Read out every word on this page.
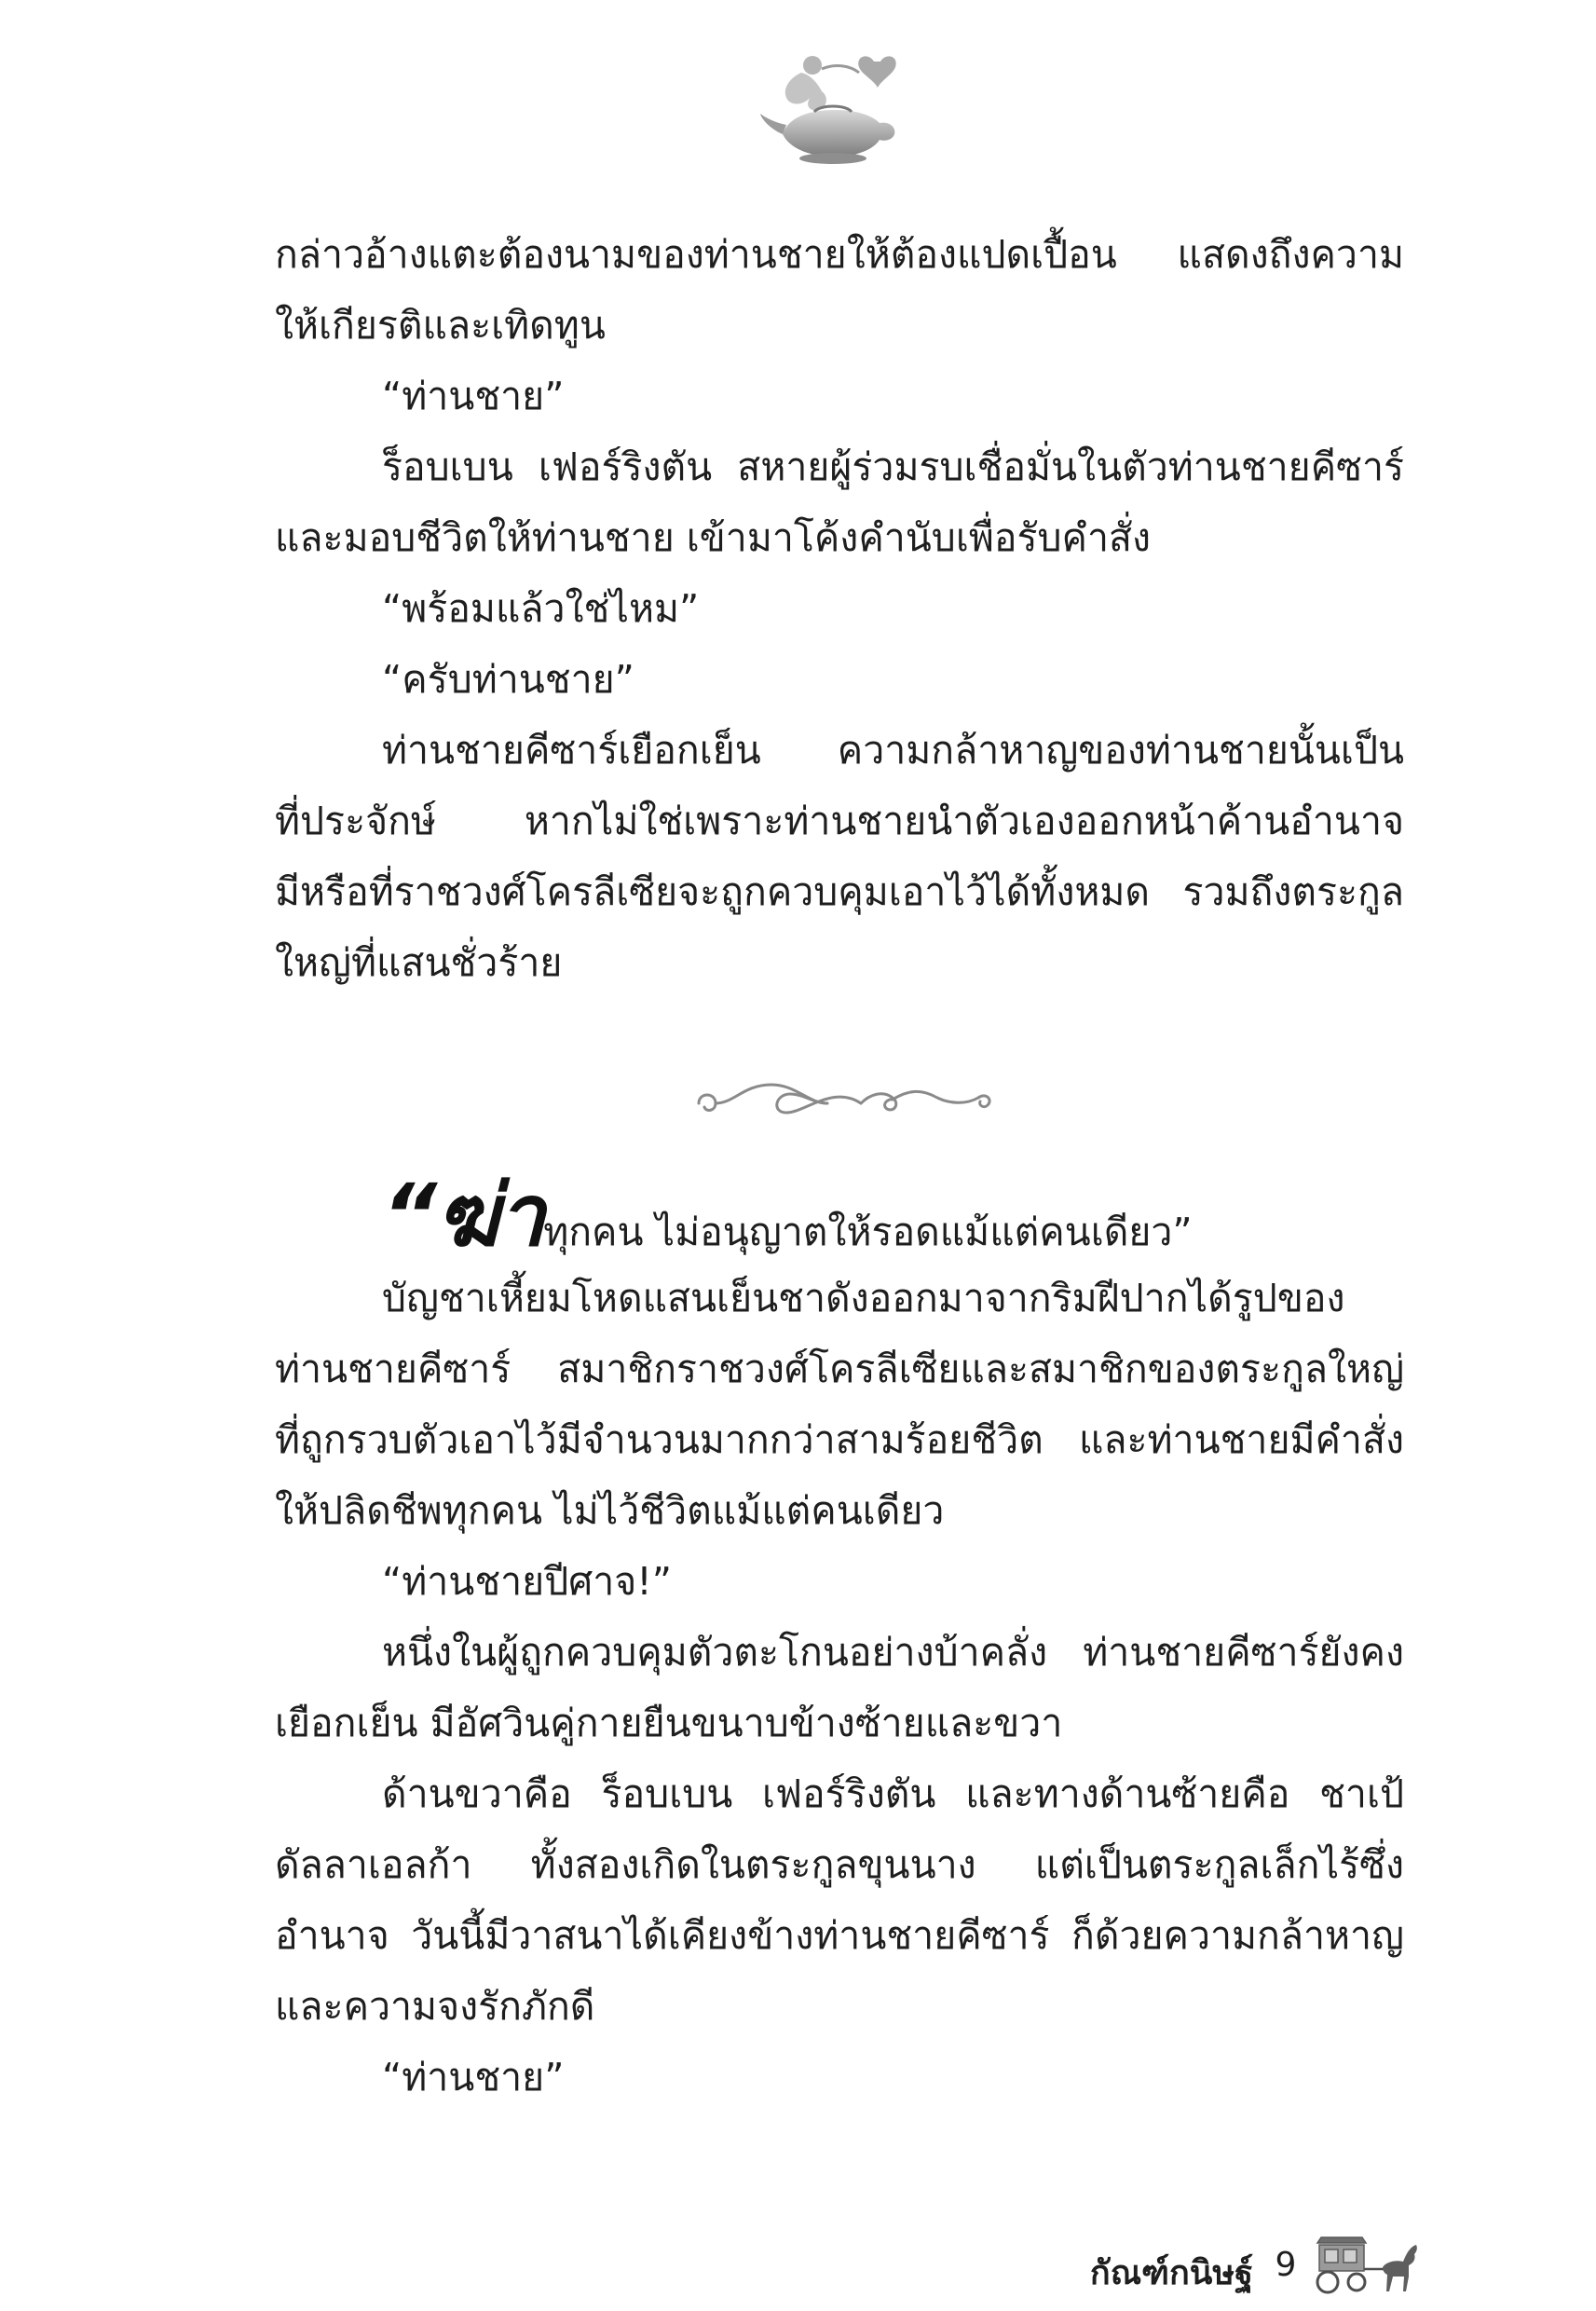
กล่าวอ้างแตะต้องนามของท่านชายให้ต้องแปดเปื้อน แสดงถึงความ
ให้เกียรติและเทิดทูน
“ท่านชาย”
ร็อบเบน เฟอร์ริงตัน สหายผู้ร่วมรบเชื่อมั่นในตัวท่านชายคีซาร์
และมอบชีวิตให้ท่านชาย เข้ามาโค้งคำนับเพื่อรับคำสั่ง
“พร้อมแล้วใช่ไหม”
“ครับท่านชาย”
ท่านชายคีซาร์เยือกเย็น ความกล้าหาญของท่านชายนั้นเป็น
ที่ประจักษ์ หากไม่ใช่เพราะท่านชายนำตัวเองออกหน้าค้านอำนาจ
มีหรือที่ราชวงศ์โครลีเซียจะถูกควบคุมเอาไว้ได้ทั้งหมด รวมถึงตระกูล
ใหญ่ที่แสนชั่วร้าย
“ฆ่าทุกคน ไม่อนุญาตให้รอดแม้แต่คนเดียว”
บัญชาเหี้ยมโหดแสนเย็นชาดังออกมาจากริมฝีปากได้รูปของ
ท่านชายคีซาร์ สมาชิกราชวงศ์โครลีเซียและสมาชิกของตระกูลใหญ่
ที่ถูกรวบตัวเอาไว้มีจำนวนมากกว่าสามร้อยชีวิต และท่านชายมีคำสั่ง
ให้ปลิดชีพทุกคน ไม่ไว้ชีวิตแม้แต่คนเดียว
“ท่านชายปีศาจ!”
หนึ่งในผู้ถูกควบคุมตัวตะโกนอย่างบ้าคลั่ง ท่านชายคีซาร์ยังคง
เยือกเย็น มีอัศวินคู่กายยืนขนาบข้างซ้ายและขวา
ด้านขวาคือ ร็อบเบน เฟอร์ริงตัน และทางด้านซ้ายคือ ชาเป้
ดัลลาเอลก้า ทั้งสองเกิดในตระกูลขุนนาง แต่เป็นตระกูลเล็กไร้ซึ่ง
อำนาจ วันนี้มีวาสนาได้เคียงข้างท่านชายคีซาร์ ก็ด้วยความกล้าหาญ
และความจงรักภักดี
“ท่านชาย”
กัณฑ์กนิษฐ์ 9
